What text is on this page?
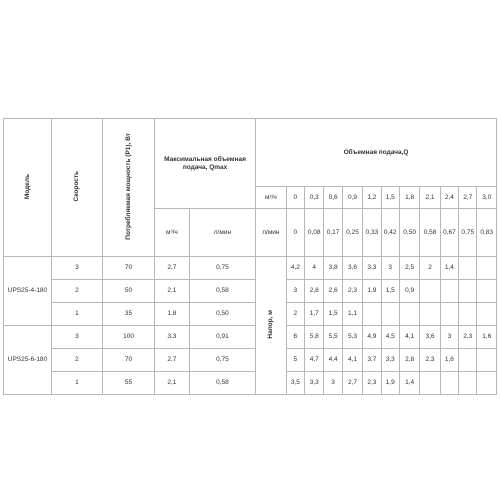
Модель	Скорость	Потребляемая мощность (P1), Вт	Максимальная объемная подача, Qmax		Объемная подача,Q											
					м³/ч	0	0,3	0,6	0,9	1,2	1,5	1,8	2,1	2,4	2,7	3,0
			м³/ч	л/мин	л/мин	0	0,08	0,17	0,25	0,33	0,42	0,50	0,58	0,67	0,75	0,83
UPS25-4-180	3	70	2,7	0,75	Напор, м	4,2	4	3,8	3,6	3,3	3	2,5	2	1,4		
	2	50	2,1	0,58		3	2,8	2,6	2,3	1,9	1,5	0,9				
	1	35	1,8	0,50		2	1,7	1,5	1,1							
UPS25-6-180	3	100	3,3	0,91		6	5,8	5,5	5,3	4,9	4,5	4,1	3,6	3	2,3	1,6
	2	70	2,7	0,75		5	4,7	4,4	4,1	3,7	3,3	2,8	2,3	1,6		
	1	55	2,1	0,58		3,5	3,3	3	2,7	2,3	1,9	1,4				
